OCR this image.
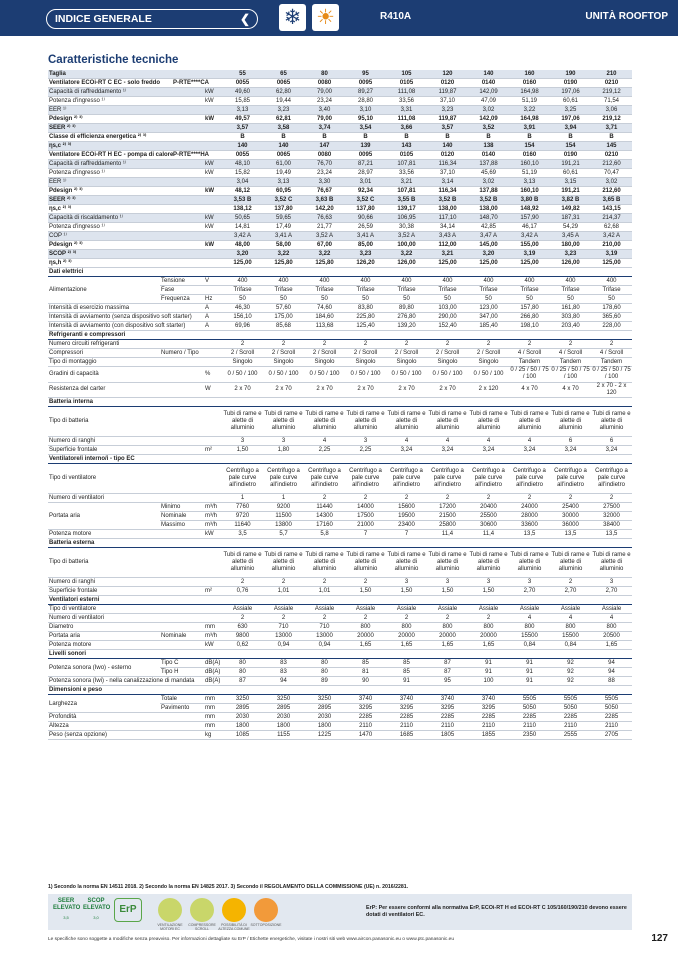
INDICE GENERALE	❮ ❄ ☀	R410A	UNITÀ ROOFTOP
Caratteristiche tecniche
Taglia			55	65	80	95	105	120	140	160	190	210
Ventilatore ECOi-RT C EC - solo freddo	P-RTE****CA		0055	0065	0080	0095	0105	0120	0140	0160	0190	0210
Capacità di raffreddamento ¹⁾		kW	49,60	62,80	79,00	89,27	111,08	119,87	142,09	164,98	197,06	219,12
Potenza d'ingresso ¹⁾		kW	15,85	19,44	23,24	28,80	33,56	37,10	47,09	51,19	60,61	71,54
EER ¹⁾			3,13	3,23	3,40	3,10	3,31	3,23	3,02	3,22	3,25	3,06
Pdesign ²⁾ ³⁾		kW	49,57	62,81	79,00	95,10	111,08	119,87	142,09	164,98	197,06	219,12
SEER ²⁾ ³⁾			3,57	3,58	3,74	3,54	3,66	3,57	3,52	3,91	3,94	3,71
Classe di efficienza energetica ²⁾ ³⁾			B	B	B	B	B	B	B	B	B	B
ηs,c ²⁾ ³⁾			140	140	147	139	143	140	138	154	154	145
Ventilatore ECOi-RT H EC - pompa di calore	P-RTE****HA		0055	0065	0080	0095	0105	0120	0140	0160	0190	0210
Capacità di raffreddamento ¹⁾		kW	48,10	61,00	76,70	87,21	107,81	116,34	137,88	160,10	191,21	212,60
Potenza d'ingresso ¹⁾		kW	15,82	19,49	23,24	28,97	33,56	37,10	45,69	51,19	60,61	70,47
EER ¹⁾			3,04	3,13	3,30	3,01	3,21	3,14	3,02	3,13	3,15	3,02
Pdesign ²⁾ ³⁾		kW	48,12	60,95	76,67	92,34	107,81	116,34	137,88	160,10	191,21	212,60
SEER ²⁾ ³⁾			3,53 B	3,52 C	3,63 B	3,52 C	3,55 B	3,52 B	3,52 B	3,80 B	3,82 B	3,65 B
ηs,c ²⁾ ³⁾			138,12	137,80	142,20	137,80	139,17	138,00	138,00	148,92	149,82	143,15
Capacità di riscaldamento ¹⁾		kW	50,65	59,65	76,63	90,66	106,95	117,10	148,70	157,90	187,31	214,37
Potenza d'ingresso ¹⁾		kW	14,81	17,49	21,77	26,59	30,38	34,14	42,85	46,17	54,29	62,68
COP ¹⁾			3,42 A	3,41 A	3,52 A	3,41 A	3,52 A	3,43 A	3,47 A	3,42 A	3,45 A	3,42 A
Pdesign ²⁾ ³⁾		kW	48,00	58,00	67,00	85,00	100,00	112,00	145,00	155,00	180,00	210,00
SCOP ²⁾ ³⁾			3,20	3,22	3,22	3,23	3,22	3,21	3,20	3,19	3,23	3,19
ηs,h ²⁾ ³⁾			125,00	125,80	125,80	126,20	126,00	125,00	125,00	125,00	126,00	125,00
Dati elettrici												
Alimentazione	Tensione	V	400	400	400	400	400	400	400	400	400	400
	Fase		Trifase	Trifase	Trifase	Trifase	Trifase	Trifase	Trifase	Trifase	Trifase	Trifase
	Frequenza	Hz	50	50	50	50	50	50	50	50	50	50
Intensità di esercizio massima		A	46,30	57,60	74,60	83,80	89,80	103,00	123,00	157,80	161,80	178,60
Intensità di avviamento (senza dispositivo soft starter)		A	156,10	175,00	184,60	225,80	276,80	290,00	347,00	266,80	303,80	365,60
Intensità di avviamento (con dispositivo soft starter)		A	69,96	85,68	113,68	125,40	139,20	152,40	185,40	198,10	203,40	228,00
Refrigeranti e compressori												
Numero circuiti refrigeranti			2	2	2	2	2	2	2	2	2	2
Compressori	Numero / Tipo		2 / Scroll	2 / Scroll	2 / Scroll	2 / Scroll	2 / Scroll	2 / Scroll	2 / Scroll	4 / Scroll	4 / Scroll	4 / Scroll
Tipo di montaggio			Singolo	Singolo	Singolo	Singolo	Singolo	Singolo	Singolo	Tandem	Tandem	Tandem
Gradini di capacità		%	0 / 50 / 100	0 / 50 / 100	0 / 50 / 100	0 / 50 / 100	0 / 50 / 100	0 / 50 / 100	0 / 50 / 100	0 / 25 / 50 / 75 / 100	0 / 25 / 50 / 75 / 100	0 / 25 / 50 / 75 / 100
Resistenza del carter		W	2 x 70	2 x 70	2 x 70	2 x 70	2 x 70	2 x 70	2 x 120	4 x 70	4 x 70	2 x 70 - 2 x 120
Batteria interna												
Tipo di batteria			Tubi di rame e alette di alluminio	Tubi di rame e alette di alluminio	Tubi di rame e alette di alluminio	Tubi di rame e alette di alluminio	Tubi di rame e alette di alluminio	Tubi di rame e alette di alluminio	Tubi di rame e alette di alluminio	Tubi di rame e alette di alluminio	Tubi di rame e alette di alluminio	Tubi di rame e alette di alluminio
Numero di ranghi			3	3	4	3	4	4	4	4	6	6
Superficie frontale		m²	1,50	1,80	2,25	2,25	3,24	3,24	3,24	3,24	3,24	3,24
Ventilatore/i interno/i - tipo EC												
Tipo di ventilatore			Centrifugo a pale curve all'indietro	Centrifugo a pale curve all'indietro	Centrifugo a pale curve all'indietro	Centrifugo a pale curve all'indietro	Centrifugo a pale curve all'indietro	Centrifugo a pale curve all'indietro	Centrifugo a pale curve all'indietro	Centrifugo a pale curve all'indietro	Centrifugo a pale curve all'indietro	Centrifugo a pale curve all'indietro
Numero di ventilatori			1	1	2	2	2	2	2	2	2	2
Portata aria	Minimo	m³/h	7760	9200	11440	14000	15600	17200	20400	24000	25400	27500
	Nominale	m³/h	9720	11500	14300	17500	19500	21500	25500	28000	30000	32000
	Massimo	m³/h	11640	13800	17160	21000	23400	25800	30600	33600	36000	38400
Potenza motore		kW	3,5	5,7	5,8	7	7	11,4	11,4	13,5	13,5	13,5
Batteria esterna												
Tipo di batteria			Tubi di rame e alette di alluminio	Tubi di rame e alette di alluminio	Tubi di rame e alette di alluminio	Tubi di rame e alette di alluminio	Tubi di rame e alette di alluminio	Tubi di rame e alette di alluminio	Tubi di rame e alette di alluminio	Tubi di rame e alette di alluminio	Tubi di rame e alette di alluminio	Tubi di rame e alette di alluminio
Numero di ranghi			2	2	2	2	3	3	3	3	2	3
Superficie frontale		m²	0,76	1,01	1,01	1,50	1,50	1,50	1,50	2,70	2,70	2,70
Ventilatori esterni												
Tipo di ventilatore			Assiale	Assiale	Assiale	Assiale	Assiale	Assiale	Assiale	Assiale	Assiale	Assiale
Numero di ventilatori			2	2	2	2	2	2	2	4	4	4
Diametro		mm	630	710	710	800	800	800	800	800	800	800
Portata aria	Nominale	m³/h	9800	13000	13000	20000	20000	20000	20000	15500	15500	20500
Potenza motore		kW	0,62	0,94	0,94	1,65	1,65	1,65	1,65	0,84	0,84	1,65
Livelli sonori												
Potenza sonora (Iwo) - esterno	Tipo C	dB(A)	80	83	80	85	85	87	91	91	92	94
	Tipo H	dB(A)	80	83	80	81	85	87	91	91	92	94
Potenza sonora (Iwi) - nella canalizzazione di mandata		dB(A)	87	94	89	90	91	95	100	91	92	88
Dimensioni e peso												
Larghezza	Totale	mm	3250	3250	3250	3740	3740	3740	3740	5505	5505	5505
	Pavimento	mm	2895	2895	2895	3295	3295	3295	3295	5050	5050	5050
Profondità		mm	2030	2030	2030	2285	2285	2285	2285	2285	2285	2285
Altezza		mm	1800	1800	1800	2110	2110	2110	2110	2110	2110	2110
Peso (senza opzione)		kg	1085	1155	1225	1470	1685	1805	1855	2350	2555	2705
1) Secondo la norma EN 14511 2018. 2) Secondo la norma EN 14825 2017. 3) Secondo il REGOLAMENTO DELLA COMMISSIONE (UE) n. 2016/2281.
SEER ELEVATO
3,5
SCOP ELEVATO
3,0
ErP
VENTILAZIONE MOTORI EC
COMPRESSORE SCROLL
POSSIBILITÀ DI ALTEZZA COMUNE
SOTTOPOSIZIONE
ErP: Per essere conformi alla normativa ErP, ECOi-RT H ed ECOi-RT C 105/160/190/210 devono essere dotati di ventilatori EC.
Le specifiche sono soggette a modifiche senza preavviso. Per informazioni dettagliate su ErP / Etichette energetiche, visitate i nostri siti web www.aircon.panasonic.eu o www.ptc.panasonic.eu	127
